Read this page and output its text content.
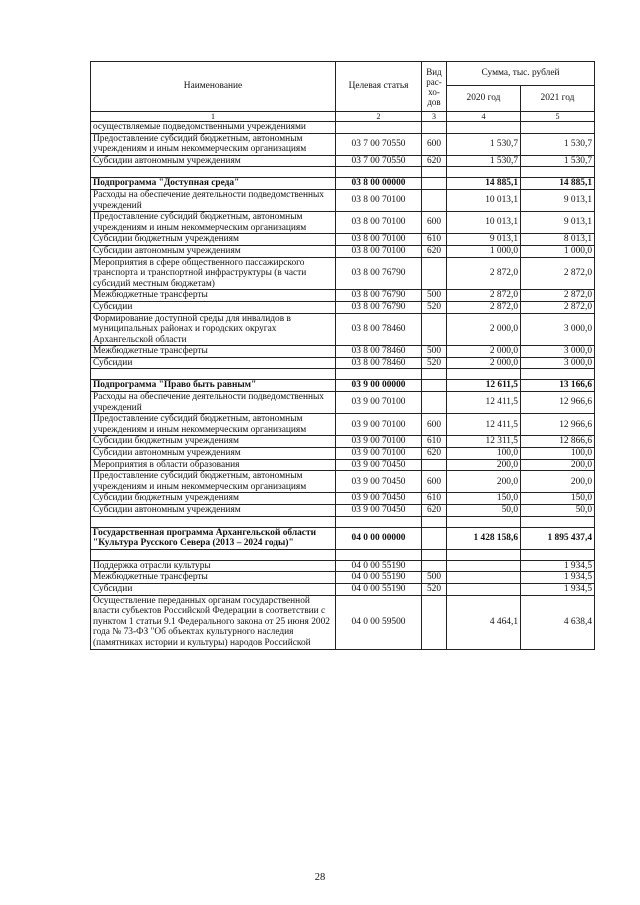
Наименование	Целевая статья	Вид рас-хо-дов	Сумма, тыс. рублей	
			2020 год	2021 год
1	2	3	4	5
осуществляемые подведомственными учреждениями				
Предоставление субсидий бюджетным, автономным учреждениям и иным некоммерческим организациям	03 7 00 70550	600	1 530,7	1 530,7
Субсидии автономным учреждениям	03 7 00 70550	620	1 530,7	1 530,7

Подпрограмма "Доступная среда"	03 8 00 00000		14 885,1	14 885,1
Расходы на обеспечение деятельности подведомственных учреждений	03 8 00 70100		10 013,1	9 013,1
Предоставление субсидий бюджетным, автономным учреждениям и иным некоммерческим организациям	03 8 00 70100	600	10 013,1	9 013,1
Субсидии бюджетным учреждениям	03 8 00 70100	610	9 013,1	8 013,1
Субсидии автономным учреждениям	03 8 00 70100	620	1 000,0	1 000,0
Мероприятия в сфере общественного пассажирского транспорта и транспортной инфраструктуры (в части субсидий местным бюджетам)	03 8 00 76790		2 872,0	2 872,0
Межбюджетные трансферты	03 8 00 76790	500	2 872,0	2 872,0
Субсидии	03 8 00 76790	520	2 872,0	2 872,0
Формирование доступной среды для инвалидов в муниципальных районах и городских округах Архангельской области	03 8 00 78460		2 000,0	3 000,0
Межбюджетные трансферты	03 8 00 78460	500	2 000,0	3 000,0
Субсидии	03 8 00 78460	520	2 000,0	3 000,0

Подпрограмма "Право быть равным"	03 9 00 00000		12 611,5	13 166,6
Расходы на обеспечение деятельности подведомственных учреждений	03 9 00 70100		12 411,5	12 966,6
Предоставление субсидий бюджетным, автономным учреждениям и иным некоммерческим организациям	03 9 00 70100	600	12 411,5	12 966,6
Субсидии бюджетным учреждениям	03 9 00 70100	610	12 311,5	12 866,6
Субсидии автономным учреждениям	03 9 00 70100	620	100,0	100,0
Мероприятия в области образования	03 9 00 70450		200,0	200,0
Предоставление субсидий бюджетным, автономным учреждениям и иным некоммерческим организациям	03 9 00 70450	600	200,0	200,0
Субсидии бюджетным учреждениям	03 9 00 70450	610	150,0	150,0
Субсидии автономным учреждениям	03 9 00 70450	620	50,0	50,0

Государственная программа Архангельской области "Культура Русского Севера (2013 – 2024 годы)"	04 0 00 00000		1 428 158,6	1 895 437,4

Поддержка отрасли культуры	04 0 00 55190			1 934,5
Межбюджетные трансферты	04 0 00 55190	500		1 934,5
Субсидии	04 0 00 55190	520		1 934,5
Осуществление переданных органам государственной власти субъектов Российской Федерации в соответствии с пунктом 1 статьи 9.1 Федерального закона от 25 июня 2002 года № 73-ФЗ "Об объектах культурного наследия (памятниках истории и культуры) народов Российской	04 0 00 59500		4 464,1	4 638,4
28
